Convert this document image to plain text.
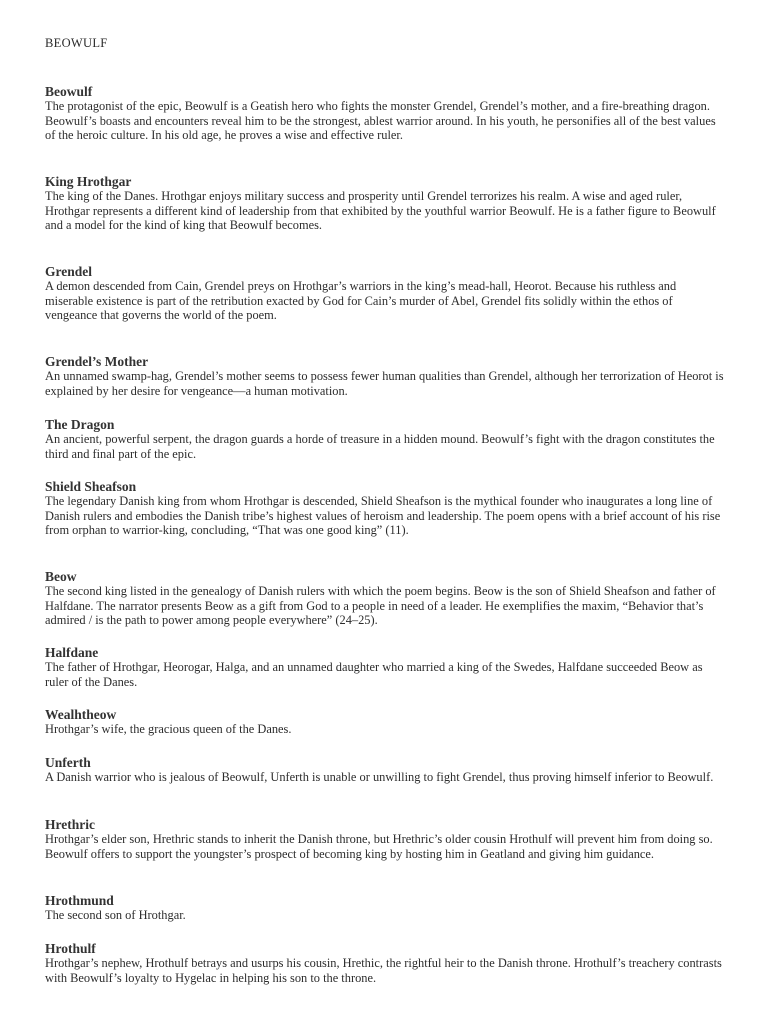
BEOWULF

Beowulf

The protagonist of the epic, Beowulf is a Geatish hero who fights the monster Grendel, Grendel’s mother, and a fire-breathing dragon. Beowulf’s boasts and encounters reveal him to be the strongest, ablest warrior around. In his youth, he personifies all of the best values of the heroic culture. In his old age, he proves a wise and effective ruler.

King Hrothgar

The king of the Danes. Hrothgar enjoys military success and prosperity until Grendel terrorizes his realm. A wise and aged ruler, Hrothgar represents a different kind of leadership from that exhibited by the youthful warrior Beowulf. He is a father figure to Beowulf and a model for the kind of king that Beowulf becomes.

Grendel

A demon descended from Cain, Grendel preys on Hrothgar’s warriors in the king’s mead-hall, Heorot. Because his ruthless and miserable existence is part of the retribution exacted by God for Cain’s murder of Abel, Grendel fits solidly within the ethos of vengeance that governs the world of the poem.

Grendel’s Mother

An unnamed swamp-hag, Grendel’s mother seems to possess fewer human qualities than Grendel, although her terrorization of Heorot is explained by her desire for vengeance—a human motivation.

The Dragon

An ancient, powerful serpent, the dragon guards a horde of treasure in a hidden mound. Beowulf’s fight with the dragon constitutes the third and final part of the epic.

Shield Sheafson

The legendary Danish king from whom Hrothgar is descended, Shield Sheafson is the mythical founder who inaugurates a long line of Danish rulers and embodies the Danish tribe’s highest values of heroism and leadership. The poem opens with a brief account of his rise from orphan to warrior-king, concluding, “That was one good king” (11).

Beow

The second king listed in the genealogy of Danish rulers with which the poem begins. Beow is the son of Shield Sheafson and father of Halfdane. The narrator presents Beow as a gift from God to a people in need of a leader. He exemplifies the maxim, “Behavior that’s admired / is the path to power among people everywhere” (24–25).

Halfdane

The father of Hrothgar, Heorogar, Halga, and an unnamed daughter who married a king of the Swedes, Halfdane succeeded Beow as ruler of the Danes.

Wealhtheow

Hrothgar’s wife, the gracious queen of the Danes.

Unferth

A Danish warrior who is jealous of Beowulf, Unferth is unable or unwilling to fight Grendel, thus proving himself inferior to Beowulf.

Hrethric

Hrothgar’s elder son, Hrethric stands to inherit the Danish throne, but Hrethric’s older cousin Hrothulf will prevent him from doing so. Beowulf offers to support the youngster’s prospect of becoming king by hosting him in Geatland and giving him guidance.

Hrothmund

The second son of Hrothgar.

Hrothulf

Hrothgar’s nephew, Hrothulf betrays and usurps his cousin, Hrethic, the rightful heir to the Danish throne. Hrothulf’s treachery contrasts with Beowulf’s loyalty to Hygelac in helping his son to the throne.
